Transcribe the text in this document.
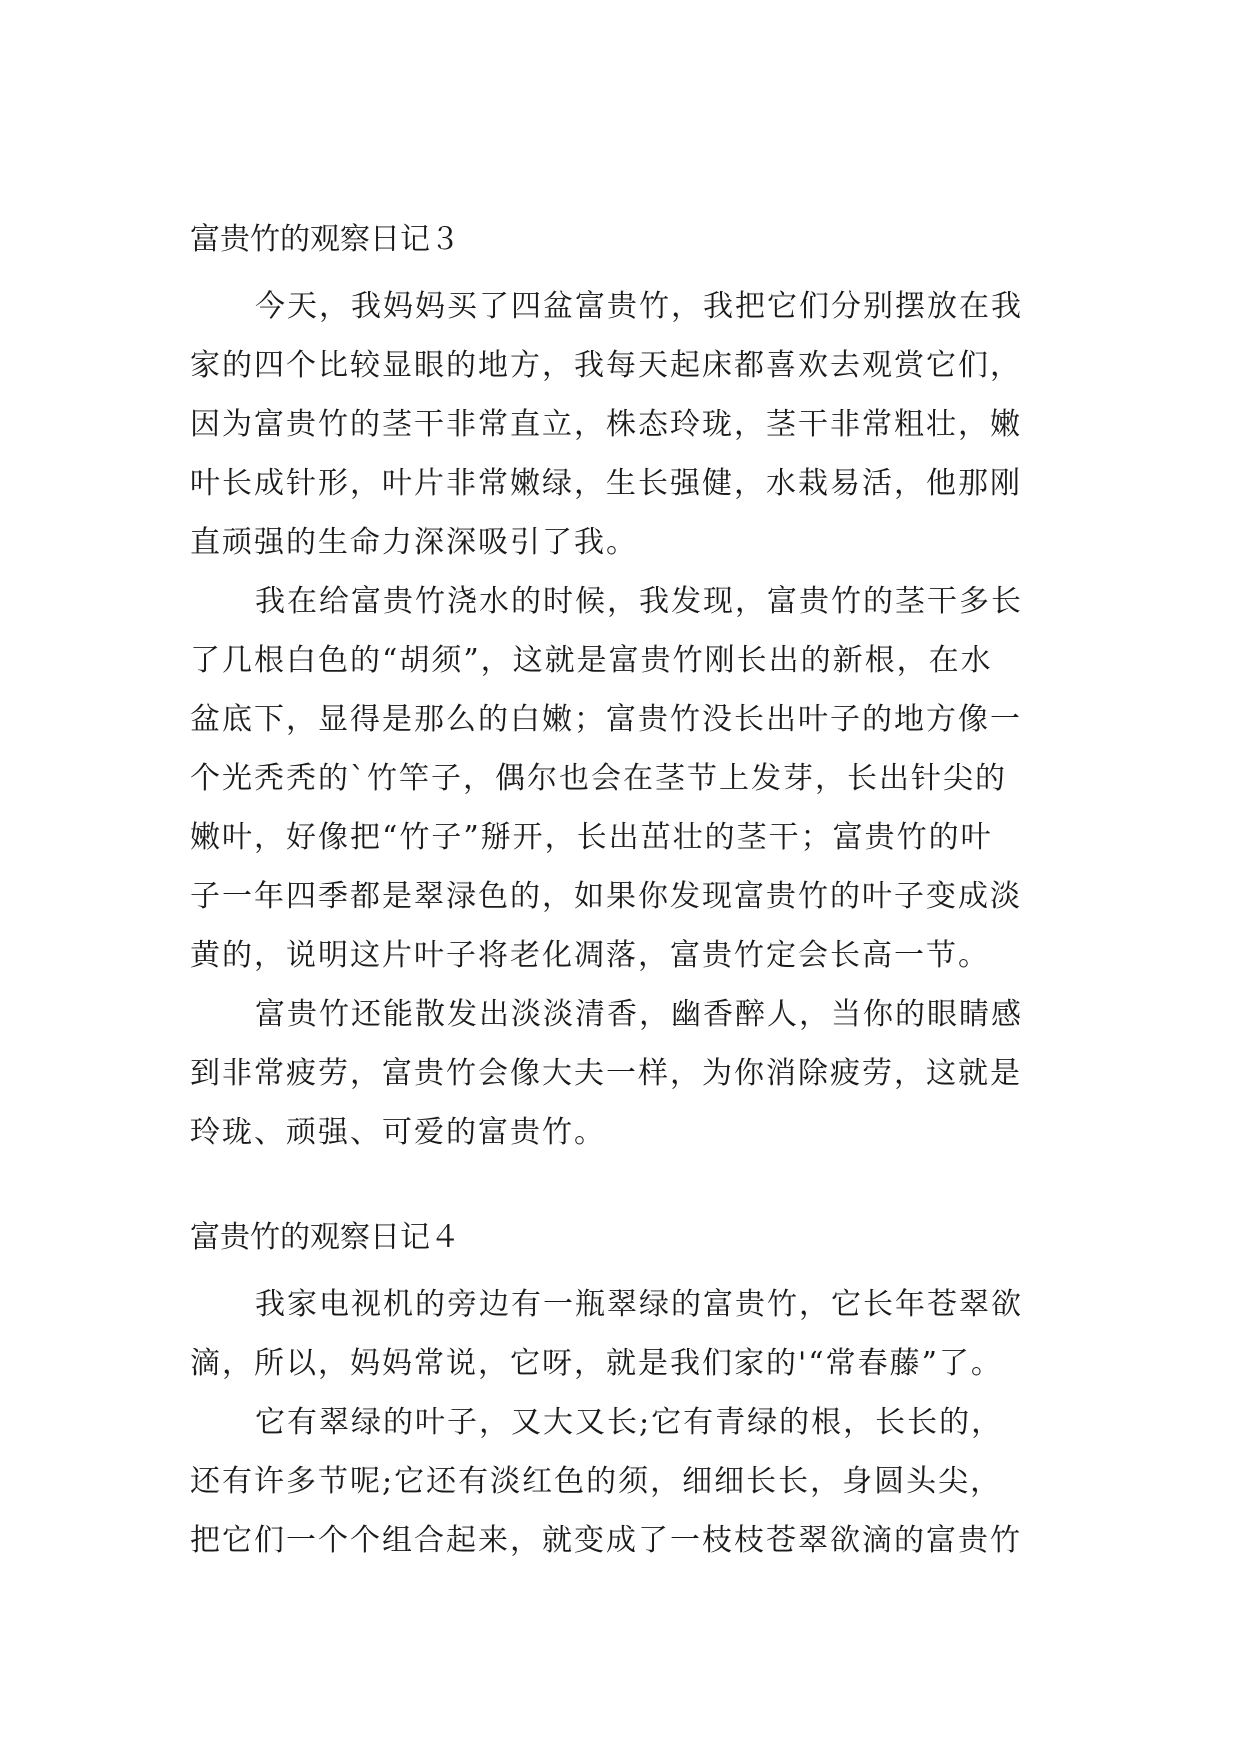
富贵竹的观察日记３

今天，我妈妈买了四盆富贵竹，我把它们分别摆放在我

家的四个比较显眼的地方，我每天起床都喜欢去观赏它们，

因为富贵竹的茎干非常直立，株态玲珑，茎干非常粗壮，嫩

叶长成针形，叶片非常嫩绿，生长强健，水栽易活，他那刚

直顽强的生命力深深吸引了我。

我在给富贵竹浇水的时候，我发现，富贵竹的茎干多长

了几根白色的“胡须”，这就是富贵竹刚长出的新根，在水

盆底下，显得是那么的白嫩；富贵竹没长出叶子的地方像一

个光秃秃的`竹竿子，偶尔也会在茎节上发芽，长出针尖的

嫩叶，好像把“竹子”掰开，长出茁壮的茎干；富贵竹的叶

子一年四季都是翠渌色的，如果你发现富贵竹的叶子变成淡

黄的，说明这片叶子将老化凋落，富贵竹定会长高一节。

富贵竹还能散发出淡淡清香，幽香醉人，当你的眼睛感

到非常疲劳，富贵竹会像大夫一样，为你消除疲劳，这就是

玲珑、顽强、可爱的富贵竹。

富贵竹的观察日记４

我家电视机的旁边有一瓶翠绿的富贵竹，它长年苍翠欲

滴，所以，妈妈常说，它呀，就是我们家的'“常春藤”了。

它有翠绿的叶子，又大又长;它有青绿的根，长长的，

还有许多节呢;它还有淡红色的须，细细长长，身圆头尖，

把它们一个个组合起来，就变成了一枝枝苍翠欲滴的富贵竹
